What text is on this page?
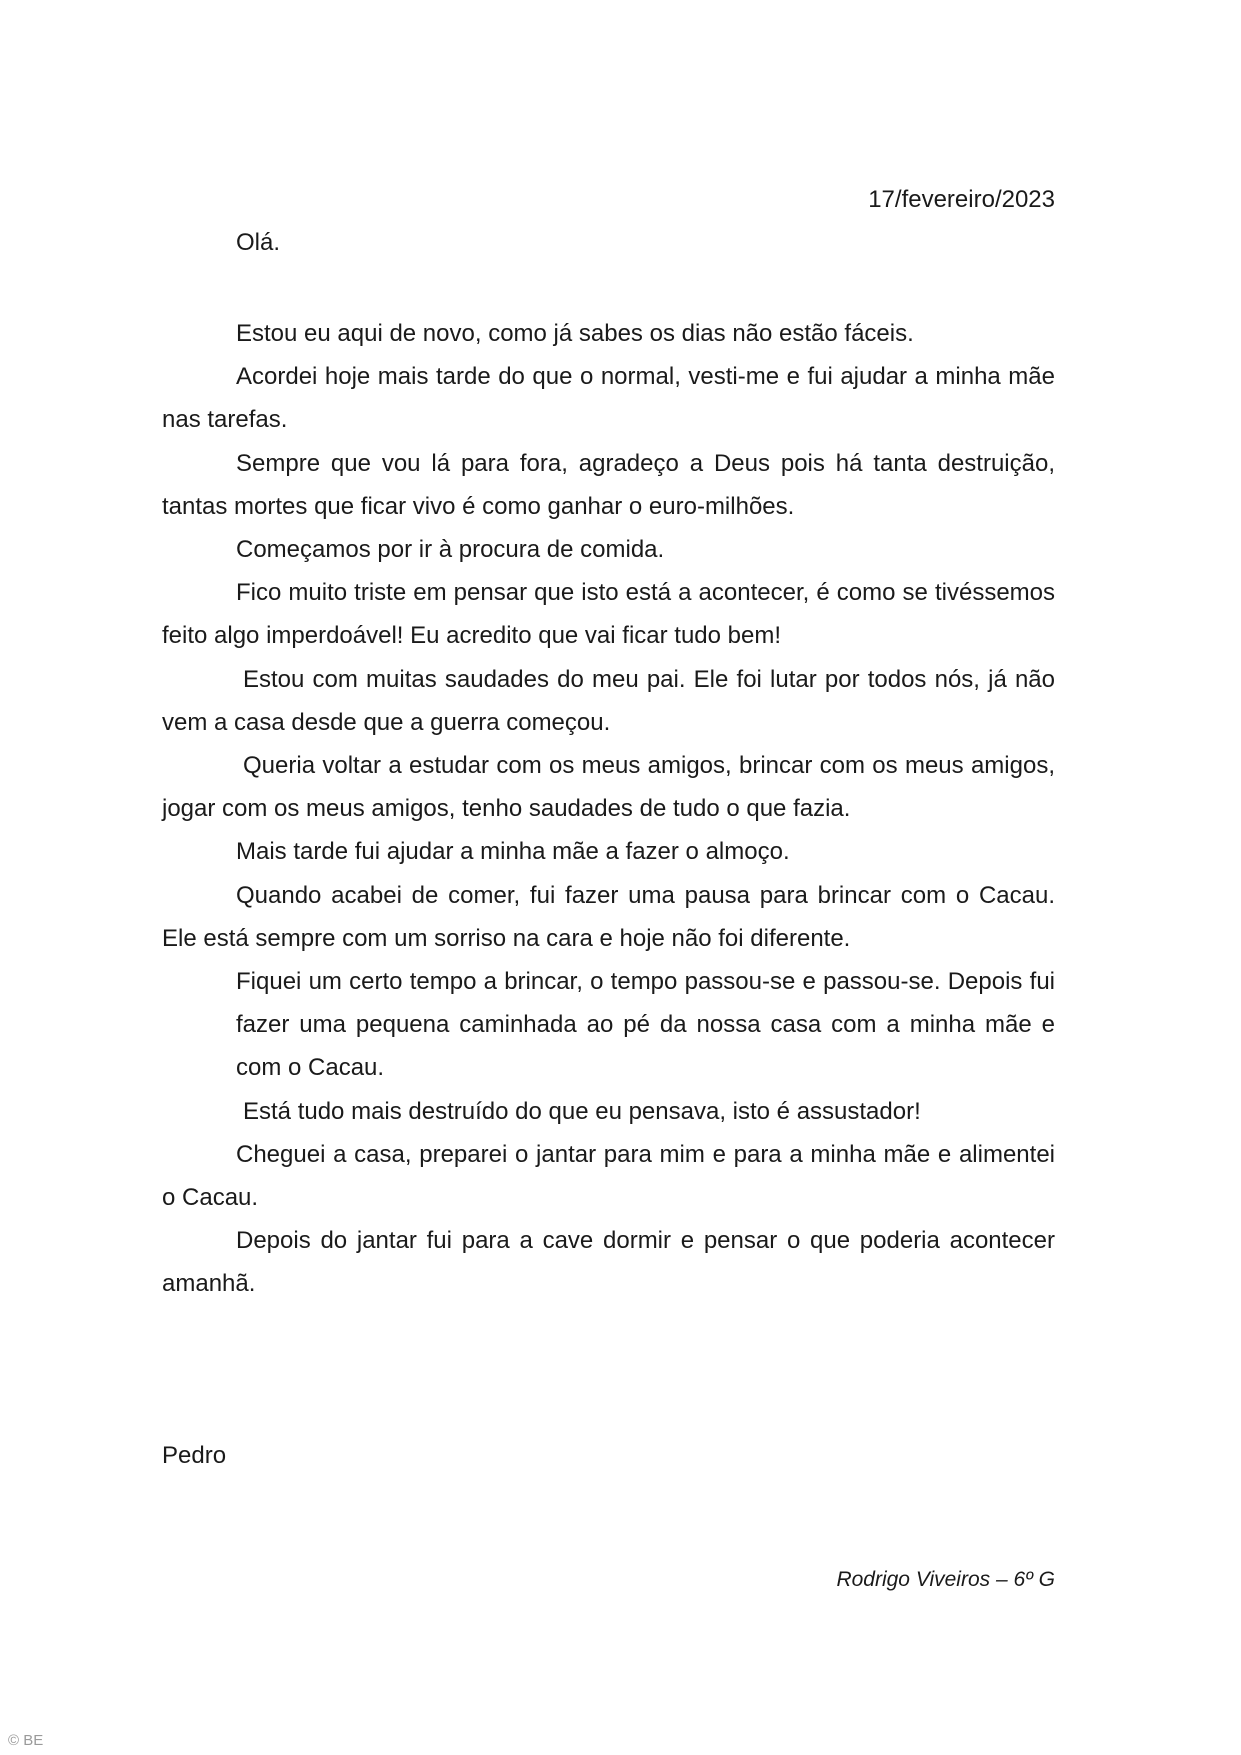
17/fevereiro/2023

Olá.

Estou eu aqui de novo, como já sabes os dias não estão fáceis.

Acordei hoje mais tarde do que o normal, vesti-me e fui ajudar a minha mãe nas tarefas.

Sempre que vou lá para fora, agradeço a Deus pois há tanta destruição, tantas mortes que ficar vivo é como ganhar o euro-milhões.

Começamos por ir à procura de comida.

Fico muito triste em pensar que isto está a acontecer, é como se tivéssemos feito algo imperdoável! Eu acredito que vai ficar tudo bem!

Estou com muitas saudades do meu pai. Ele foi lutar por todos nós, já não vem a casa desde que a guerra começou.

Queria voltar a estudar com os meus amigos, brincar com os meus amigos, jogar com os meus amigos, tenho saudades de tudo o que fazia.

Mais tarde fui ajudar a minha mãe a fazer o almoço.

Quando acabei de comer, fui fazer uma pausa para brincar com o Cacau. Ele está sempre com um sorriso na cara e hoje não foi diferente.

Fiquei um certo tempo a brincar, o tempo passou-se e passou-se. Depois fui fazer uma pequena caminhada ao pé da nossa casa com a minha mãe e com o Cacau.

Está tudo mais destruído do que eu pensava, isto é assustador!

Cheguei a casa, preparei o jantar para mim e para a minha mãe e alimentei o Cacau.

Depois do jantar fui para a cave dormir e pensar o que poderia acontecer amanhã.

Pedro

Rodrigo Viveiros – 6º G

© BE
